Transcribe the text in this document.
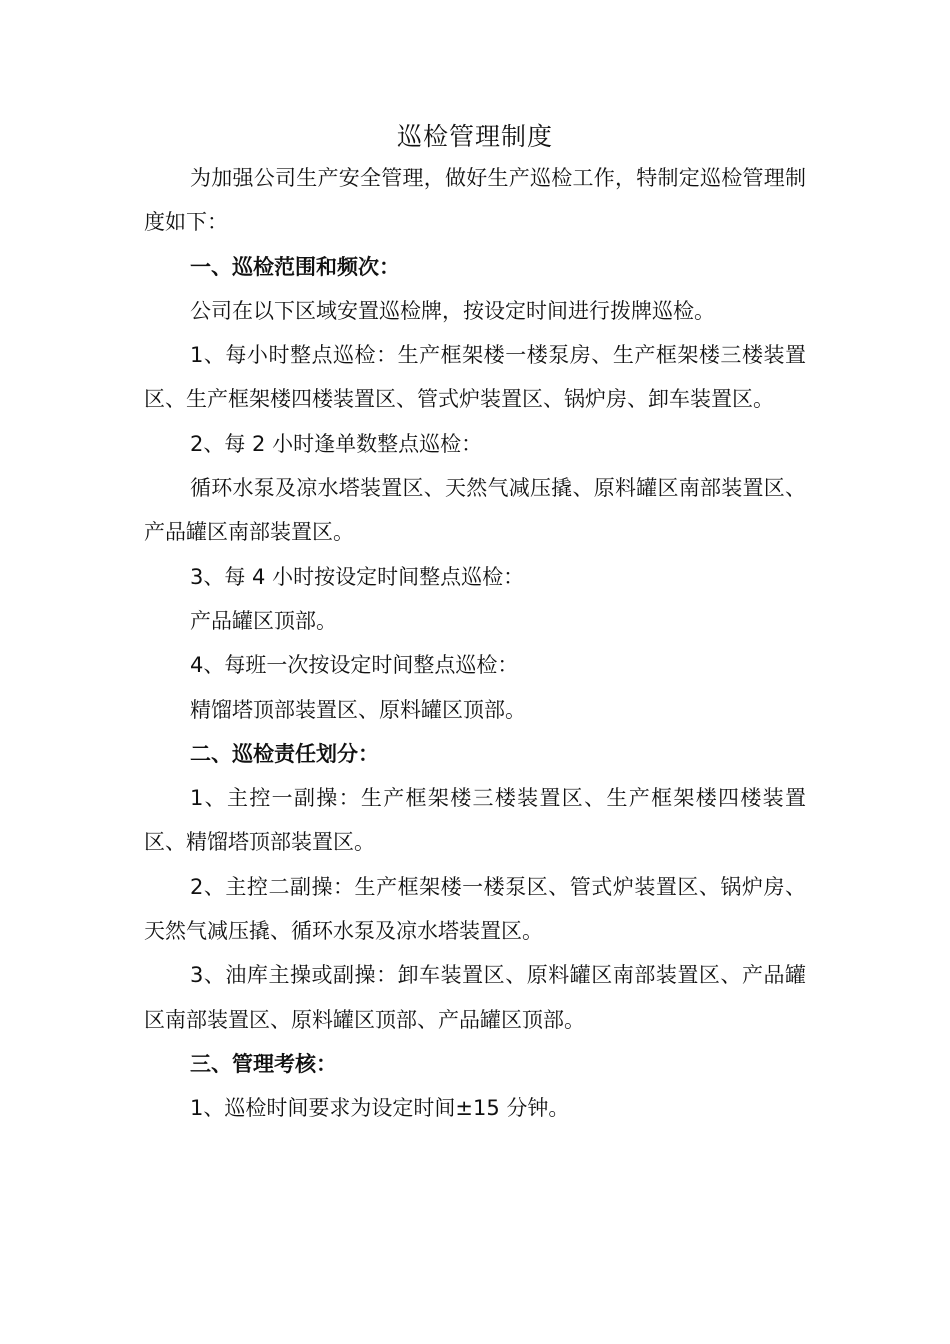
巡检管理制度

为加强公司生产安全管理，做好生产巡检工作，特制定巡检管理制度如下：

一、巡检范围和频次：

公司在以下区域安置巡检牌，按设定时间进行拨牌巡检。

1、每小时整点巡检：生产框架楼一楼泵房、生产框架楼三楼装置区、生产框架楼四楼装置区、管式炉装置区、锅炉房、卸车装置区。

2、每 2 小时逢单数整点巡检：

循环水泵及凉水塔装置区、天然气减压撬、原料罐区南部装置区、产品罐区南部装置区。

3、每 4 小时按设定时间整点巡检：

产品罐区顶部。

4、每班一次按设定时间整点巡检：

精馏塔顶部装置区、原料罐区顶部。

二、巡检责任划分：

1、主控一副操：生产框架楼三楼装置区、生产框架楼四楼装置区、精馏塔顶部装置区。

2、主控二副操：生产框架楼一楼泵区、管式炉装置区、锅炉房、天然气减压撬、循环水泵及凉水塔装置区。

3、油库主操或副操：卸车装置区、原料罐区南部装置区、产品罐区南部装置区、原料罐区顶部、产品罐区顶部。

三、管理考核：

1、巡检时间要求为设定时间±15 分钟。
